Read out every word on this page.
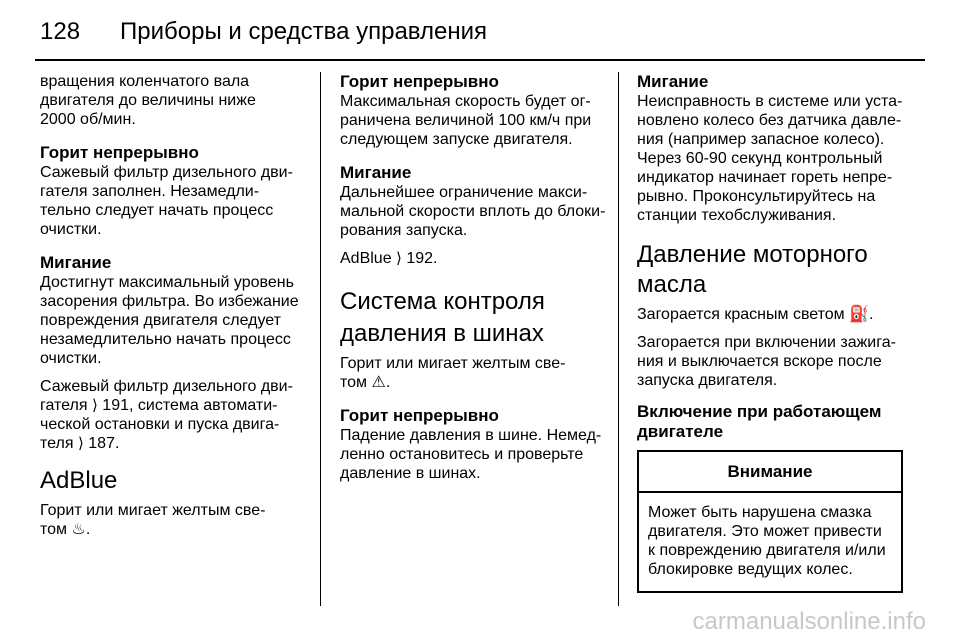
128 Приборы и средства управления

вращения коленчатого вала
двигателя до величины ниже
2000 об/мин.

Горит непрерывно

Сажевый фильтр дизельного дви-
гателя заполнен. Незамедли-
тельно следует начать процесс
очистки.

Мигание

Достигнут максимальный уровень
засорения фильтра. Во избежание
повреждения двигателя следует
незамедлительно начать процесс
очистки.

Сажевый фильтр дизельного дви-
гателя ⟩ 191, система автомати-
ческой остановки и пуска двига-
теля ⟩ 187.

AdBlue

Горит или мигает желтым све-
том ♨.

Горит непрерывно

Максимальная скорость будет ог-
раничена величиной 100 км/ч при
следующем запуске двигателя.

Мигание

Дальнейшее ограничение макси-
мальной скорости вплоть до блоки-
рования запуска.

AdBlue ⟩ 192.

Система контроля
давления в шинах

Горит или мигает желтым све-
том ⚠.

Горит непрерывно

Падение давления в шине. Немед-
ленно остановитесь и проверьте
давление в шинах.

Мигание

Неисправность в системе или уста-
новлено колесо без датчика давле-
ния (например запасное колесо).
Через 60-90 секунд контрольный
индикатор начинает гореть непре-
рывно. Проконсультируйтесь на
станции техобслуживания.

Давление моторного
масла

Загорается красным светом ⛽.

Загорается при включении зажига-
ния и выключается вскоре после
запуска двигателя.

Включение при работающем
двигателе
Внимание
Может быть нарушена смазка
двигателя. Это может привести
к повреждению двигателя и/или
блокировке ведущих колес.
carmanualsonline.info
